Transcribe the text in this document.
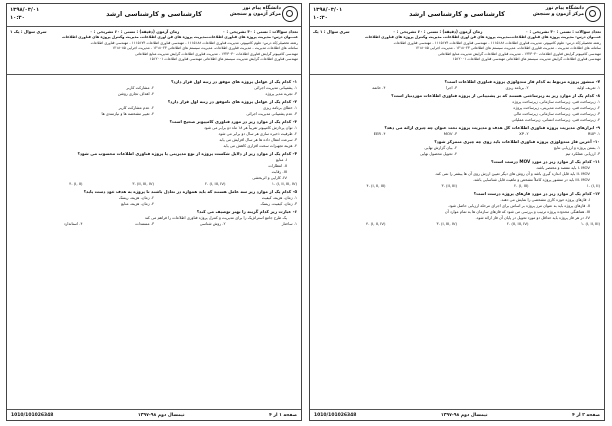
دانشگاه پیام نور
مرکز آزمون و سنجش
کارشناسی و کارشناسی ارشد
۱۳۹۸/۰۳/۰۱
۱۰:۳۰
تعداد سوالات : تستی : ۳۰ تشریحی : ۰
زمان آزمون (دقیقه) : تستی : ۶۰ تشریحی : ۰
سری سوال : یک ۱
عنـــوان درس: مدیریت پروژه های فناوری اطلاعات،مدیریت پروژه های فن آوری اطلاعات، مدیریت وکنترل پروژه های فناوری اطلاعات
رشته تحصیلی/کد درس: علوم کامپیوتر، مدیریت فناوری اطلاعات ۱۱۱۵۱۸۸ - مهندسی فناوری اطلاعات ۱۱۱۵۱۷۴ - مهندسی فناوری اطلاعات
سامانه های اطلاعات مدیریت - مدیریت فناوری اطلاعات، مدیریت سیستم های اطلاعاتی ۱۲۱۸۰۲۳ - مدیریت اجرایی ۱۲۱۸۰۸۵
مهندسی کامپیوتر گرایش فناوری اطلاعات ۱۳۲۳۰۳۰ - مدیریت فناوری اطلاعات گرایش مدیریت منابع اطلاعاتی
مهندسی فناوری اطلاعات گرایش مدیریت سیستم های اطلاعاتی مهندسی فناوری اطلاعات ۱۵۱۲۰۰۱
۱- کدام یک از عوامل پروژه های موفق در رتبه اول قرار دارد؟
۱. پشتیبانی مدیریت اجرائی
۲. مشارکت کاربر
۳. تجربه مدیر پروژه
۴. اهداف تجاری روشن
۲- کدام یک از عوامل پروژه های ناموفق در رتبه اول قرار دارد؟
۱. خطای برنامه ریزی
۲. عدم مشارکت کاربر
۳. عدم پشتیبانی مدیریت اجرائی
۴. تغییر مشخصه ها و نیازمندی ها
۳- کدام یک از موارد زیر در مورد فناوری کامپیوتر صحیح است؟
۱. توان پردازش کامپیوتر تقریباً هر ۱۸ ماه دو برابر می شود
۲. ظرفیت ذخیره سازی هر سال دو برابر می شود
۳. سرعت انتقال داده ها هر سال افزایش می یابد
۴. هزینه تجهیزات سخت افزاری کاهش می یابد
۴- کدام یک از موارد زیر از دلایل شکست پروژه از نوع مدیریتی یا پروژه فناوری اطلاعات محسوب می شود؟
I. منابع
II. انتظارات
III. رقابت
IV. کارایی و اثربخشی
(I, II, III, IV) .۱
(I, III, IV) .۲
(II, III, IV) .۳
(I, II) .۴
۵- کدام یک از موارد زیر سه عامل هستند که باید همواره در تعادل باشند تا پروژه به هدف خود دست یابد؟
۱. زمان، هزینه، کیفیت
۲. زمان، هزینه، ریسک
۳. زمان، کیفیت، ریسک
۴. زمان، هزینه، منابع
۶- عبارت زیر کدام گزینه را بهتر توصیف می کند؟
یک طرح جامع استراتژیک را برای مدیریت و کنترل پروژه فناوری اطلاعات را فراهم می کند
۱. ساختار
۲. روش شناسی
۳. مستندات
۴. استاندارد
صفحه ۱ از ۴
نیمسال دوم ۹۸-۱۳۹۷
1010/101026348
دانشگاه پیام نور
مرکز آزمون و سنجش
کارشناسی و کارشناسی ارشد
۱۳۹۸/۰۳/۰۱
۱۰:۳۰
تعداد سوالات : تستی : ۳۰ تشریحی : ۰
زمان آزمون (دقیقه) : تستی : ۶۰ تشریحی : ۰
سری سوال : ۱ یک
عنـــوان درس: مدیریت پروژه های فناوری اطلاعات،مدیریت پروژه های فن آوری اطلاعات، مدیریت وکنترل پروژه های فناوری اطلاعات
رشته تحصیلی/کد درس: علوم کامپیوتر، مدیریت فناوری اطلاعات ۱۱۱۵۱۸۸ - مهندسی فناوری اطلاعات ۱۱۱۵۱۷۴ - مهندسی فناوری اطلاعات
سامانه های اطلاعات مدیریت - مدیریت فناوری اطلاعات، مدیریت سیستم های اطلاعاتی ۱۲۱۸۰۲۳ - مدیریت اجرایی ۱۲۱۸۰۸۵
مهندسی کامپیوتر گرایش فناوری اطلاعات ۱۳۲۳۰۳۰ - مدیریت فناوری اطلاعات گرایش مدیریت منابع اطلاعاتی
مهندسی فناوری اطلاعات گرایش مدیریت سیستم های اطلاعاتی مهندسی فناوری اطلاعات ۱۵۱۲۰۰۱
۷- منشور پروژه مربوط به کدام فاز متدولوژی پروژه فناوری اطلاعات است؟
۱. تعریف اولیه
۲. برنامه ریزی
۳. اجرا
۴. خاتمه
۸- کدام یک از موارد زیر به زیرساختی هستند که بر پشتیبانی از پروژه فناوری اطلاعات موردنیاز است؟
۱. زیرساخت فنی، زیرساخت سازمانی، زیرساخت پروژه
۲. زیرساخت فنی، زیرساخت مدیریتی، زیرساخت پروژه
۳. زیرساخت فنی، زیرساخت سازمانی، زیرساخت مالی
۴. زیرساخت فنی، زیرساخت انسانی، زیرساخت عملیاتی
۹- ابزارهای مدیریت پروژه فناوری اطلاعات کل هدف و مدیریت پروژه تحت عنوان چه چیزی ارائه می دهد؟
۱. RUP
۲. XP
۳. MOV
۴. EER
۱۰- آخرین فاز متدولوژی پروژه فناوری اطلاعات باید روی چه چیزی متمرکز شود؟
۱. بستن پروژه و ارزیابی نتایج
۲. بیان گزارش نهایی
۳. ارزیابی عملکرد تیم
۴. تحویل محصول نهایی
۱۱- کدام یک از موارد زیر در مورد MOV درست است؟
I. MOV باید مقصد و مختصر باشد.
II. MOV باید قابل اندازه گیری باشد و آن روش های دیگر تعیین ارزش روی آن ها بیشتر را نمی کند.
III. MOV باید در منشور پروژه کاملاً مشخص و ماهیت قابل شناسایی باشد.
(I, II) .۱
(I, III) .۲
(II, III) .۳
(I, II, III) .۴
۱۲- کدام یک از موارد زیر در مورد فازهای پروژه درست است؟
I. فازهای پروژه حوزه کاری مشخصی را نمایش می دهند.
II. فازهای پروژه باید به عنوان مرز پروژه بر اساس برای اجرای مرحله ارزیابی حاصل شود.
III. هماهنگی محدوده پروژه ترتیب و بررسی می شود که فازهای سازمان ها به تمام موارد آن
IV. در هر فاز پروژه باید حداقل دو مورد تحویل در پایان آن فاز ارائه شود.
(I, II, III) .۱
(II, III, IV) .۲
(I, III, IV) .۳
(I, II, IV) .۴
صفحه ۲ از ۴
نیمسال دوم ۹۸-۱۳۹۷
1010/101026348
